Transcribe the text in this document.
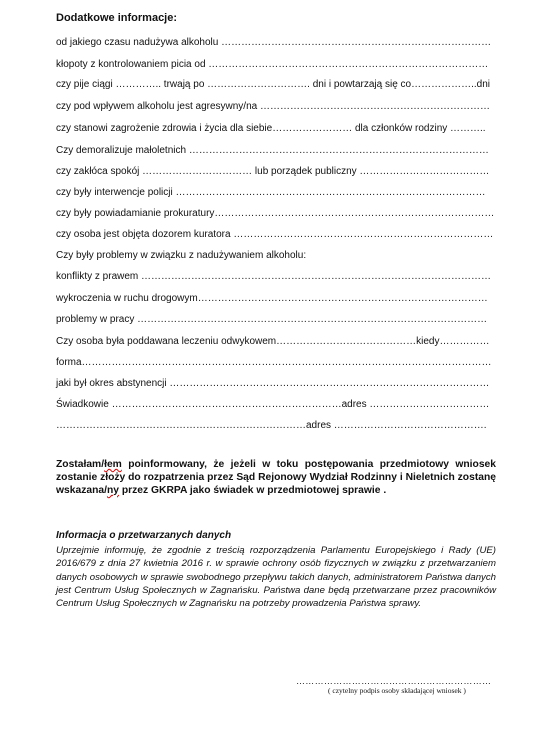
Dodatkowe informacje:
od jakiego czasu nadużywa alkoholu ………………………………………………………………………
kłopoty z kontrolowaniem picia od …………………………………………………………………………
czy pije ciągi ………….. trwają po …………………………. dni i powtarzają się co………………..dni
czy pod wpływem alkoholu jest agresywny/na ……………………………………………………………
czy stanowi zagrożenie zdrowia i życia dla siebie…………………… dla członków rodziny ………..
Czy demoralizuje małoletnich ………………………………………………………………………………
czy zakłóca spokój …………………………… lub porządek publiczny …………………………………
czy były interwencje policji …………………………………………………………………………………
czy były powiadamianie prokuratury…………………………………………………………………………
czy osoba jest objęta dozorem kuratora ……………………………………………………………………
Czy były problemy w związku z nadużywaniem alkoholu:
konflikty z prawem ……………………………………………………………………………………………
wykroczenia w ruchu drogowym……………………………………………………………………………
problemy w pracy ……………………………………………………………………………………………
Czy osoba była poddawana leczeniu odwykowem……………………………………kiedy……………
forma……………………………………………………………………………………………………………
jaki był okres abstynencji ……………………………………………………………………………………
Świadkowie ……………………………………………………………adres ………………………………
…………………………………………………………………adres ……………………………………….
Zostałam/łem poinformowany, że jeżeli w toku postępowania przedmiotowy wniosek zostanie złoży do rozpatrzenia przez Sąd Rejonowy Wydział Rodzinny i Nieletnich zostanę wskazana/ny przez GKRPA jako świadek w przedmiotowej sprawie .
Informacja o przetwarzanych danych
Uprzejmie informuję, że zgodnie z treścią rozporządzenia Parlamentu Europejskiego i Rady (UE) 2016/679 z dnia 27 kwietnia 2016 r. w sprawie ochrony osób fizycznych w związku z przetwarzaniem danych osobowych w sprawie swobodnego przepływu takich danych, administratorem Państwa danych jest Centrum Usług Społecznych w Zagnańsku. Państwa dane będą przetwarzane przez pracowników Centrum Usług Społecznych w Zagnańsku na potrzeby prowadzenia Państwa sprawy.
………………………………………………………
( czytelny podpis osoby składającej wniosek )
